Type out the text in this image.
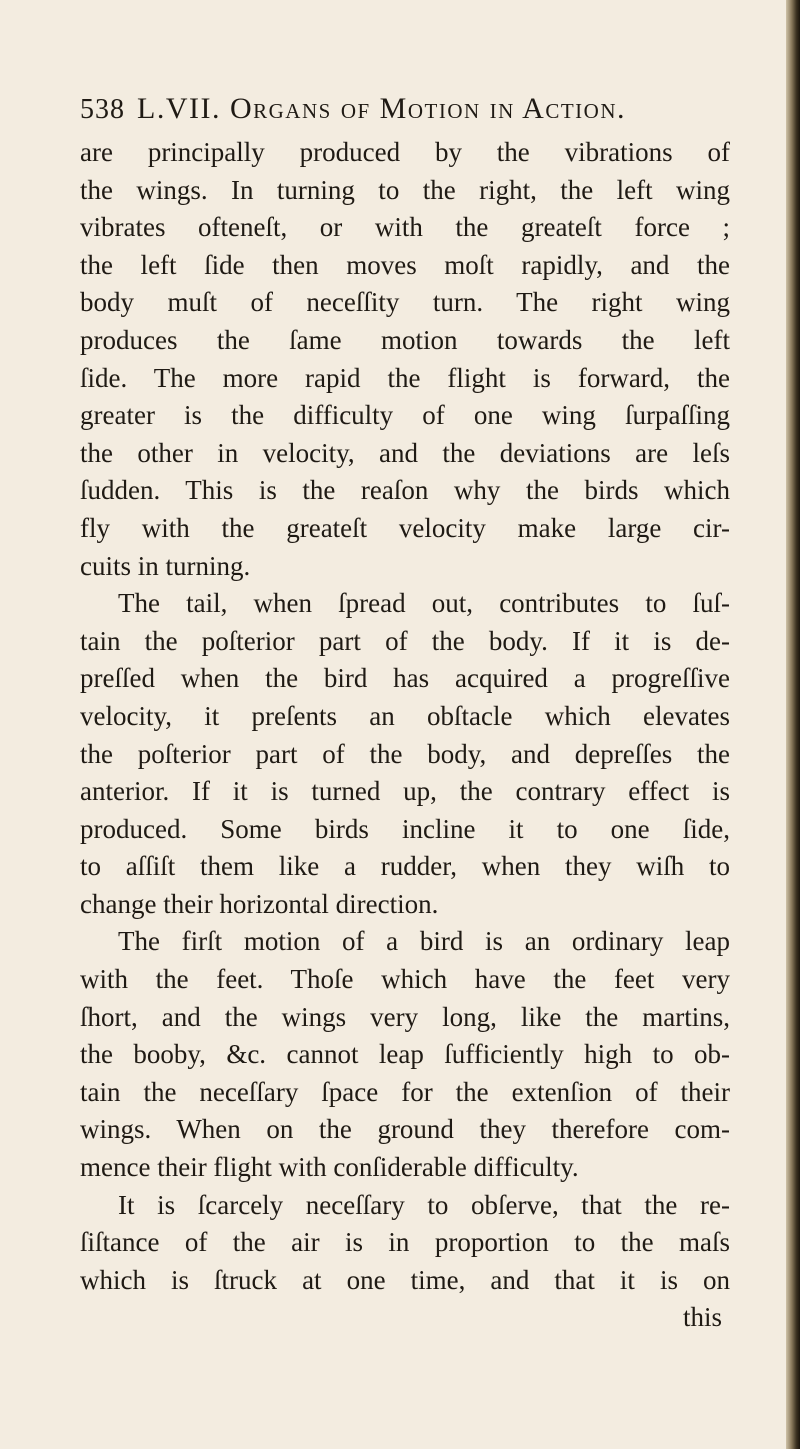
538 L.VII. Organs of Motion in Action.
are principally produced by the vibrations of
the wings. In turning to the right, the left wing
vibrates ofteneſt, or with the greateſt force ;
the left ſide then moves moſt rapidly, and the
body muſt of neceſſity turn. The right wing
produces the ſame motion towards the left
ſide. The more rapid the flight is forward, the
greater is the difficulty of one wing ſurpaſſing
the other in velocity, and the deviations are leſs
ſudden. This is the reaſon why the birds which
fly with the greateſt velocity make large cir-
cuits in turning.
The tail, when ſpread out, contributes to ſuſ-
tain the poſterior part of the body. If it is de-
preſſed when the bird has acquired a progreſſive
velocity, it preſents an obſtacle which elevates
the poſterior part of the body, and depreſſes the
anterior. If it is turned up, the contrary effect is
produced. Some birds incline it to one ſide,
to aſſiſt them like a rudder, when they wiſh to
change their horizontal direction.
The firſt motion of a bird is an ordinary leap
with the feet. Thoſe which have the feet very
ſhort, and the wings very long, like the martins,
the booby, &c. cannot leap ſufficiently high to ob-
tain the neceſſary ſpace for the extenſion of their
wings. When on the ground they therefore com-
mence their flight with conſiderable difficulty.
It is ſcarcely neceſſary to obſerve, that the re-
ſiſtance of the air is in proportion to the maſs
which is ſtruck at one time, and that it is on
this
